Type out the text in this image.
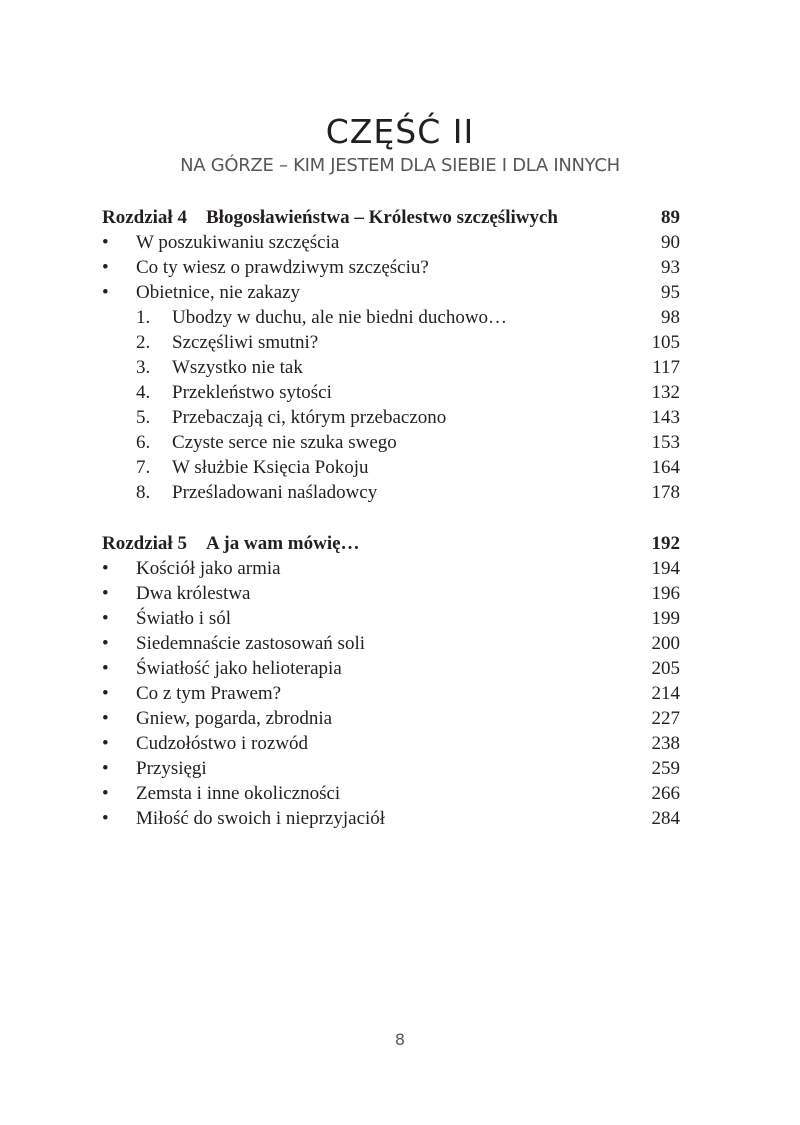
CZĘŚĆ II
NA GÓRZE – KIM JESTEM DLA SIEBIE I DLA INNYCH
Rozdział 4 Błogosławieństwa – Królestwo szczęśliwych	89
• W poszukiwaniu szczęścia	90
• Co ty wiesz o prawdziwym szczęściu?	93
• Obietnice, nie zakazy	95
1. Ubodzy w duchu, ale nie biedni duchowo…	98
2. Szczęśliwi smutni?	105
3. Wszystko nie tak	117
4. Przekleństwo sytości	132
5. Przebaczają ci, którym przebaczono	143
6. Czyste serce nie szuka swego	153
7. W służbie Księcia Pokoju	164
8. Prześladowani naśladowcy	178
Rozdział 5 A ja wam mówię…	192
• Kościół jako armia	194
• Dwa królestwa	196
• Światło i sól	199
• Siedemnaście zastosowań soli	200
• Światłość jako helioterapia	205
• Co z tym Prawem?	214
• Gniew, pogarda, zbrodnia	227
• Cudzołóstwo i rozwód	238
• Przysięgi	259
• Zemsta i inne okoliczności	266
• Miłość do swoich i nieprzyjaciół	284
8
